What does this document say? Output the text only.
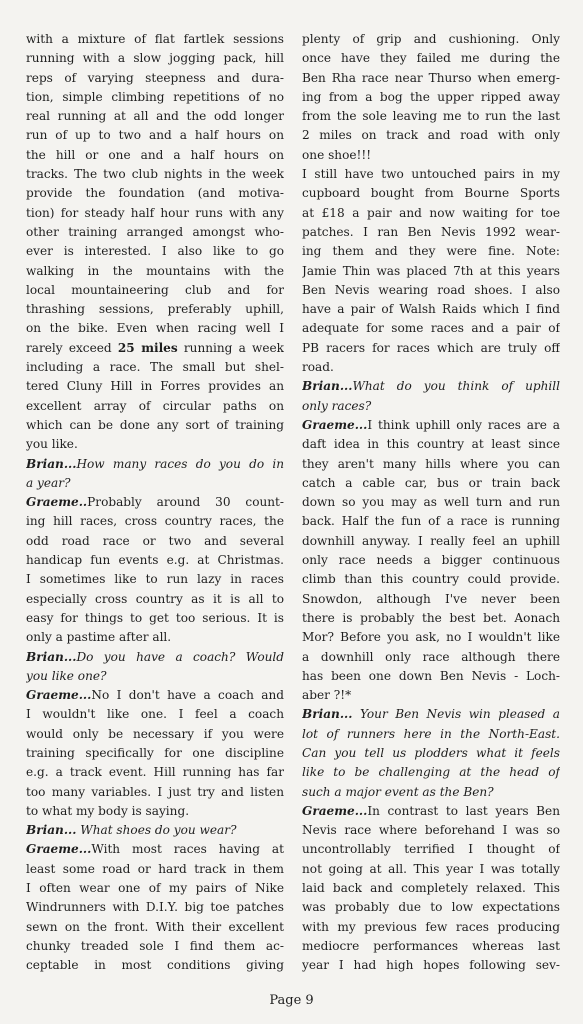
with a mixture of flat fartlek sessions
running with a slow jogging pack, hill
reps of varying steepness and dura-
tion, simple climbing repetitions of no
real running at all and the odd longer
run of up to two and a half hours on
the hill or one and a half hours on
tracks. The two club nights in the week
provide the foundation (and motiva-
tion) for steady half hour runs with any
other training arranged amongst who-
ever is interested. I also like to go
walking in the mountains with the
local mountaineering club and for
thrashing sessions, preferably uphill,
on the bike. Even when racing well I
rarely exceed 25 miles running a week
including a race. The small but shel-
tered Cluny Hill in Forres provides an
excellent array of circular paths on
which can be done any sort of training
you like.
Brian...How many races do you do in
a year?
Graeme..Probably around 30 count-
ing hill races, cross country races, the
odd road race or two and several
handicap fun events e.g. at Christmas.
I sometimes like to run lazy in races
especially cross country as it is all to
easy for things to get too serious. It is
only a pastime after all.
Brian...Do you have a coach? Would
you like one?
Graeme...No I don't have a coach and
I wouldn't like one. I feel a coach
would only be necessary if you were
training specifically for one discipline
e.g. a track event. Hill running has far
too many variables. I just try and listen
to what my body is saying.
Brian... What shoes do you wear?
Graeme...With most races having at
least some road or hard track in them
I often wear one of my pairs of Nike
Windrunners with D.I.Y. big toe patches
sewn on the front. With their excellent
chunky treaded sole I find them ac-
ceptable in most conditions giving
plenty of grip and cushioning. Only
once have they failed me during the
Ben Rha race near Thurso when emerg-
ing from a bog the upper ripped away
from the sole leaving me to run the last
2 miles on track and road with only
one shoe!!!
I still have two untouched pairs in my
cupboard bought from Bourne Sports
at £18 a pair and now waiting for toe
patches. I ran Ben Nevis 1992 wear-
ing them and they were fine. Note:
Jamie Thin was placed 7th at this years
Ben Nevis wearing road shoes. I also
have a pair of Walsh Raids which I find
adequate for some races and a pair of
PB racers for races which are truly off
road.
Brian...What do you think of uphill
only races?
Graeme...I think uphill only races are a
daft idea in this country at least since
they aren't many hills where you can
catch a cable car, bus or train back
down so you may as well turn and run
back. Half the fun of a race is running
downhill anyway. I really feel an uphill
only race needs a bigger continuous
climb than this country could provide.
Snowdon, although I've never been
there is probably the best bet. Aonach
Mor? Before you ask, no I wouldn't like
a downhill only race although there
has been one down Ben Nevis - Loch-
aber ?!*
Brian... Your Ben Nevis win pleased a
lot of runners here in the North-East.
Can you tell us plodders what it feels
like to be challenging at the head of
such a major event as the Ben?
Graeme...In contrast to last years Ben
Nevis race where beforehand I was so
uncontrollably terrified I thought of
not going at all. This year I was totally
laid back and completely relaxed. This
was probably due to low expectations
with my previous few races producing
mediocre performances whereas last
year I had high hopes following sev-
Page 9
